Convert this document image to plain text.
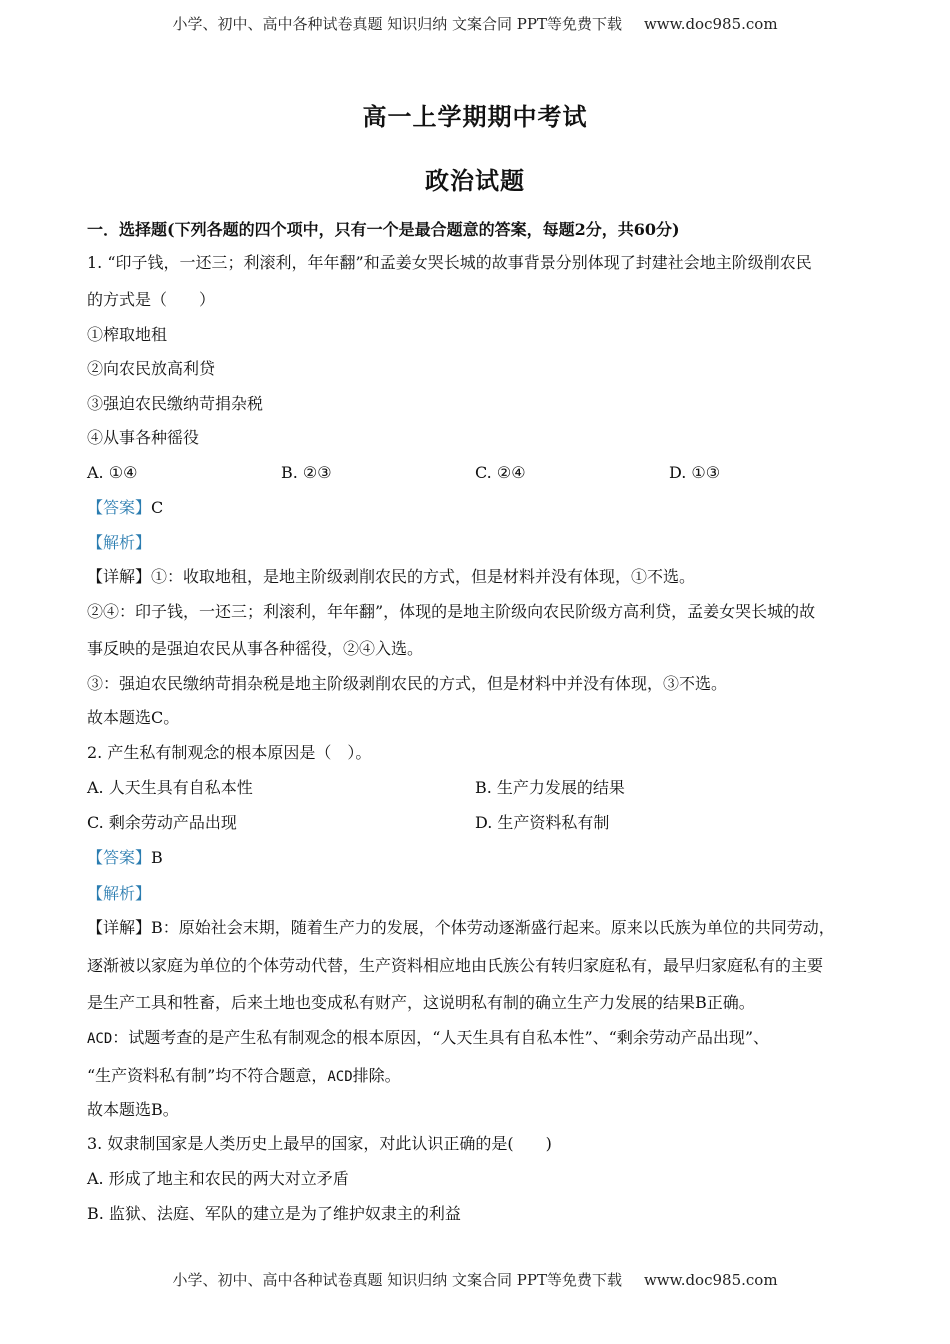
小学、初中、高中各种试卷真题 知识归纳 文案合同 PPT等免费下载 www.doc985.com
高一上学期期中考试
政治试题
一．选择题(下列各题的四个项中，只有一个是最合题意的答案，每题2分，共60分)
1. “印子钱，一还三；利滚利，年年翻”和孟姜女哭长城的故事背景分别体现了封建社会地主阶级削农民
的方式是（　　）
①榨取地租
②向农民放高利贷
③强迫农民缴纳苛捐杂税
④从事各种徭役
A. ①④	B. ②③	C. ②④	D. ①③
【答案】C
【解析】
【详解】①：收取地租，是地主阶级剥削农民的方式，但是材料并没有体现，①不选。
②④：印子钱，一还三；利滚利，年年翻”，体现的是地主阶级向农民阶级方高利贷，孟姜女哭长城的故
事反映的是强迫农民从事各种徭役，②④入选。
③：强迫农民缴纳苛捐杂税是地主阶级剥削农民的方式，但是材料中并没有体现，③不选。
故本题选C。
2. 产生私有制观念的根本原因是（　）。
A. 人天生具有自私本性	B. 生产力发展的结果
C. 剩余劳动产品出现	D. 生产资料私有制
【答案】B
【解析】
【详解】B：原始社会末期，随着生产力的发展，个体劳动逐渐盛行起来。原来以氏族为单位的共同劳动，
逐渐被以家庭为单位的个体劳动代替，生产资料相应地由氏族公有转归家庭私有，最早归家庭私有的主要
是生产工具和牲畜，后来土地也变成私有财产，这说明私有制的确立生产力发展的结果B正确。
ACD：试题考查的是产生私有制观念的根本原因，“人天生具有自私本性”、“剩余劳动产品出现”、
“生产资料私有制”均不符合题意，ACD排除。
故本题选B。
3. 奴隶制国家是人类历史上最早的国家，对此认识正确的是(　　)
A. 形成了地主和农民的两大对立矛盾
B. 监狱、法庭、军队的建立是为了维护奴隶主的利益
小学、初中、高中各种试卷真题 知识归纳 文案合同 PPT等免费下载 www.doc985.com
